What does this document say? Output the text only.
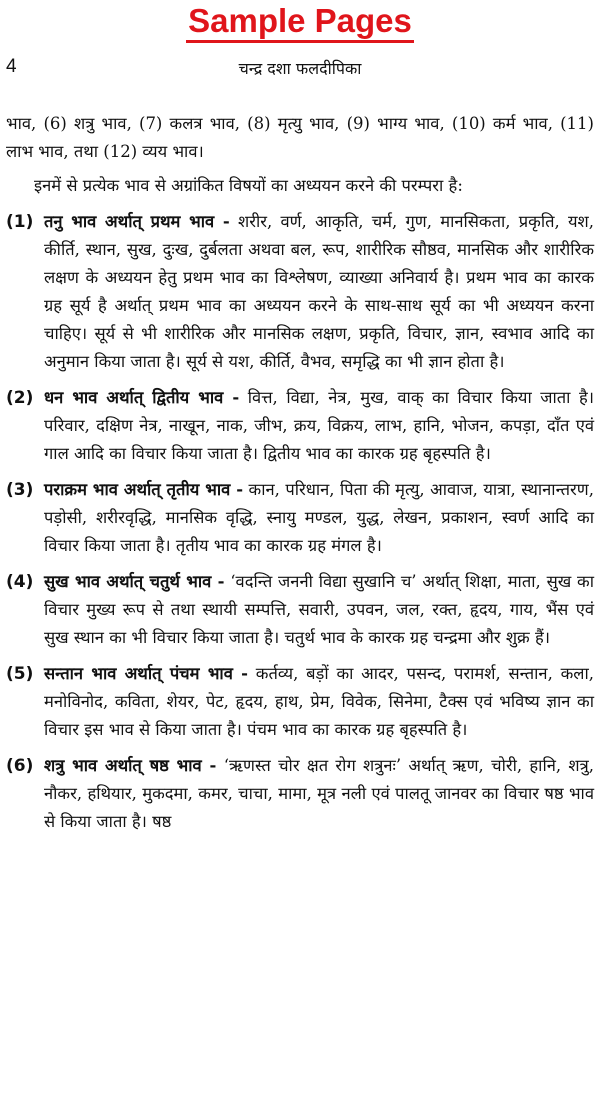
Sample Pages
4	चन्द्र दशा फलदीपिका

भाव, (6) शत्रु भाव, (7) कलत्र भाव, (8) मृत्यु भाव, (9) भाग्य भाव, (10) कर्म भाव, (11) लाभ भाव, तथा (12) व्यय भाव।

इनमें से प्रत्येक भाव से अग्रांकित विषयों का अध्ययन करने की परम्परा है:

(1) तनु भाव अर्थात् प्रथम भाव - शरीर, वर्ण, आकृति, चर्म, गुण, मानसिकता, प्रकृति, यश, कीर्ति, स्थान, सुख, दुःख, दुर्बलता अथवा बल, रूप, शारीरिक सौष्ठव, मानसिक और शारीरिक लक्षण के अध्ययन हेतु प्रथम भाव का विश्लेषण, व्याख्या अनिवार्य है। प्रथम भाव का कारक ग्रह सूर्य है अर्थात् प्रथम भाव का अध्ययन करने के साथ-साथ सूर्य का भी अध्ययन करना चाहिए। सूर्य से भी शारीरिक और मानसिक लक्षण, प्रकृति, विचार, ज्ञान, स्वभाव आदि का अनुमान किया जाता है। सूर्य से यश, कीर्ति, वैभव, समृद्धि का भी ज्ञान होता है।
(2) धन भाव अर्थात् द्वितीय भाव - वित्त, विद्या, नेत्र, मुख, वाक् का विचार किया जाता है। परिवार, दक्षिण नेत्र, नाखून, नाक, जीभ, क्रय, विक्रय, लाभ, हानि, भोजन, कपड़ा, दाँत एवं गाल आदि का विचार किया जाता है। द्वितीय भाव का कारक ग्रह बृहस्पति है।
(3) पराक्रम भाव अर्थात् तृतीय भाव - कान, परिधान, पिता की मृत्यु, आवाज, यात्रा, स्थानान्तरण, पड़ोसी, शरीरवृद्धि, मानसिक वृद्धि, स्नायु मण्डल, युद्ध, लेखन, प्रकाशन, स्वर्ण आदि का विचार किया जाता है। तृतीय भाव का कारक ग्रह मंगल है।
(4) सुख भाव अर्थात् चतुर्थ भाव - ‘वदन्ति जननी विद्या सुखानि च’ अर्थात् शिक्षा, माता, सुख का विचार मुख्य रूप से तथा स्थायी सम्पत्ति, सवारी, उपवन, जल, रक्त, हृदय, गाय, भैंस एवं सुख स्थान का भी विचार किया जाता है। चतुर्थ भाव के कारक ग्रह चन्द्रमा और शुक्र हैं।
(5) सन्तान भाव अर्थात् पंचम भाव - कर्तव्य, बड़ों का आदर, पसन्द, परामर्श, सन्तान, कला, मनोविनोद, कविता, शेयर, पेट, हृदय, हाथ, प्रेम, विवेक, सिनेमा, टैक्स एवं भविष्य ज्ञान का विचार इस भाव से किया जाता है। पंचम भाव का कारक ग्रह बृहस्पति है।
(6) शत्रु भाव अर्थात् षष्ठ भाव - ‘ऋणस्त चोर क्षत रोग शत्रुनः’ अर्थात् ऋण, चोरी, हानि, शत्रु, नौकर, हथियार, मुकदमा, कमर, चाचा, मामा, मूत्र नली एवं पालतू जानवर का विचार षष्ठ भाव से किया जाता है। षष्ठ
